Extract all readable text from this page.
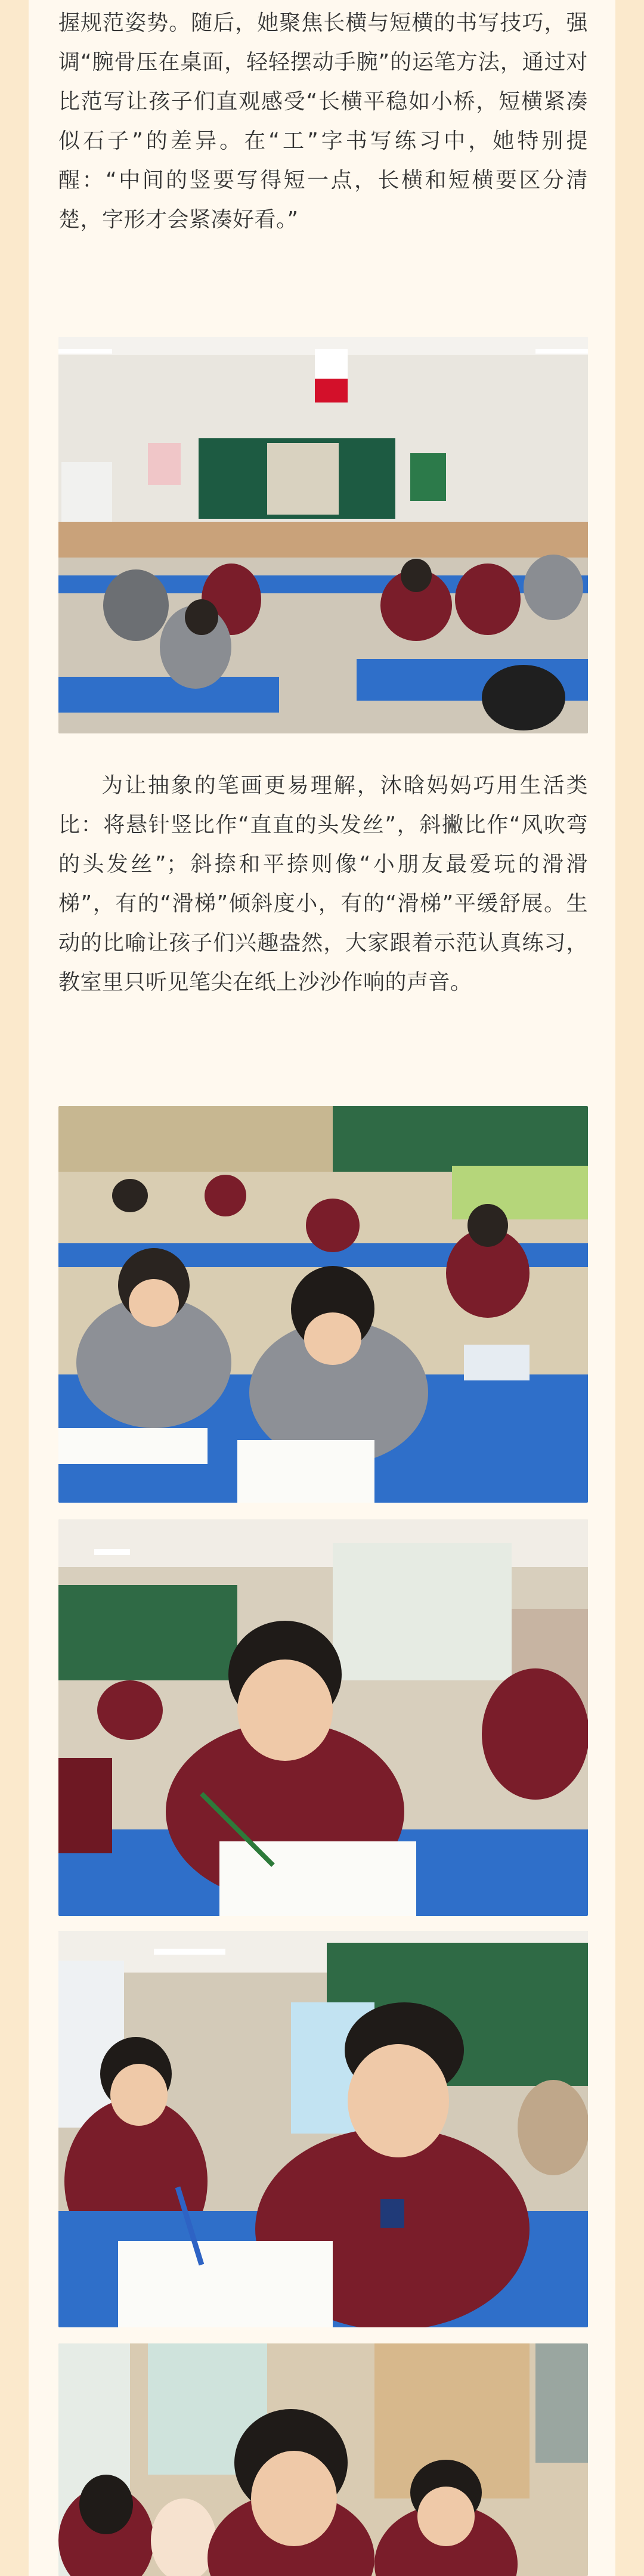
握规范姿势。随后，她聚焦长横与短横的书写技巧，强调“腕骨压在桌面，轻轻摆动手腕”的运笔方法，通过对比范写让孩子们直观感受“长横平稳如小桥，短横紧凑似石子”的差异。在“工”字书写练习中，她特别提醒：“中间的竖要写得短一点，长横和短横要区分清楚，字形才会紧凑好看。”

为让抽象的笔画更易理解，沐晗妈妈巧用生活类比：将悬针竖比作“直直的头发丝”，斜撇比作“风吹弯的头发丝”；斜捺和平捺则像“小朋友最爱玩的滑滑梯”，有的“滑梯”倾斜度小，有的“滑梯”平缓舒展。生动的比喻让孩子们兴趣盎然，大家跟着示范认真练习，教室里只听见笔尖在纸上沙沙作响的声音。
